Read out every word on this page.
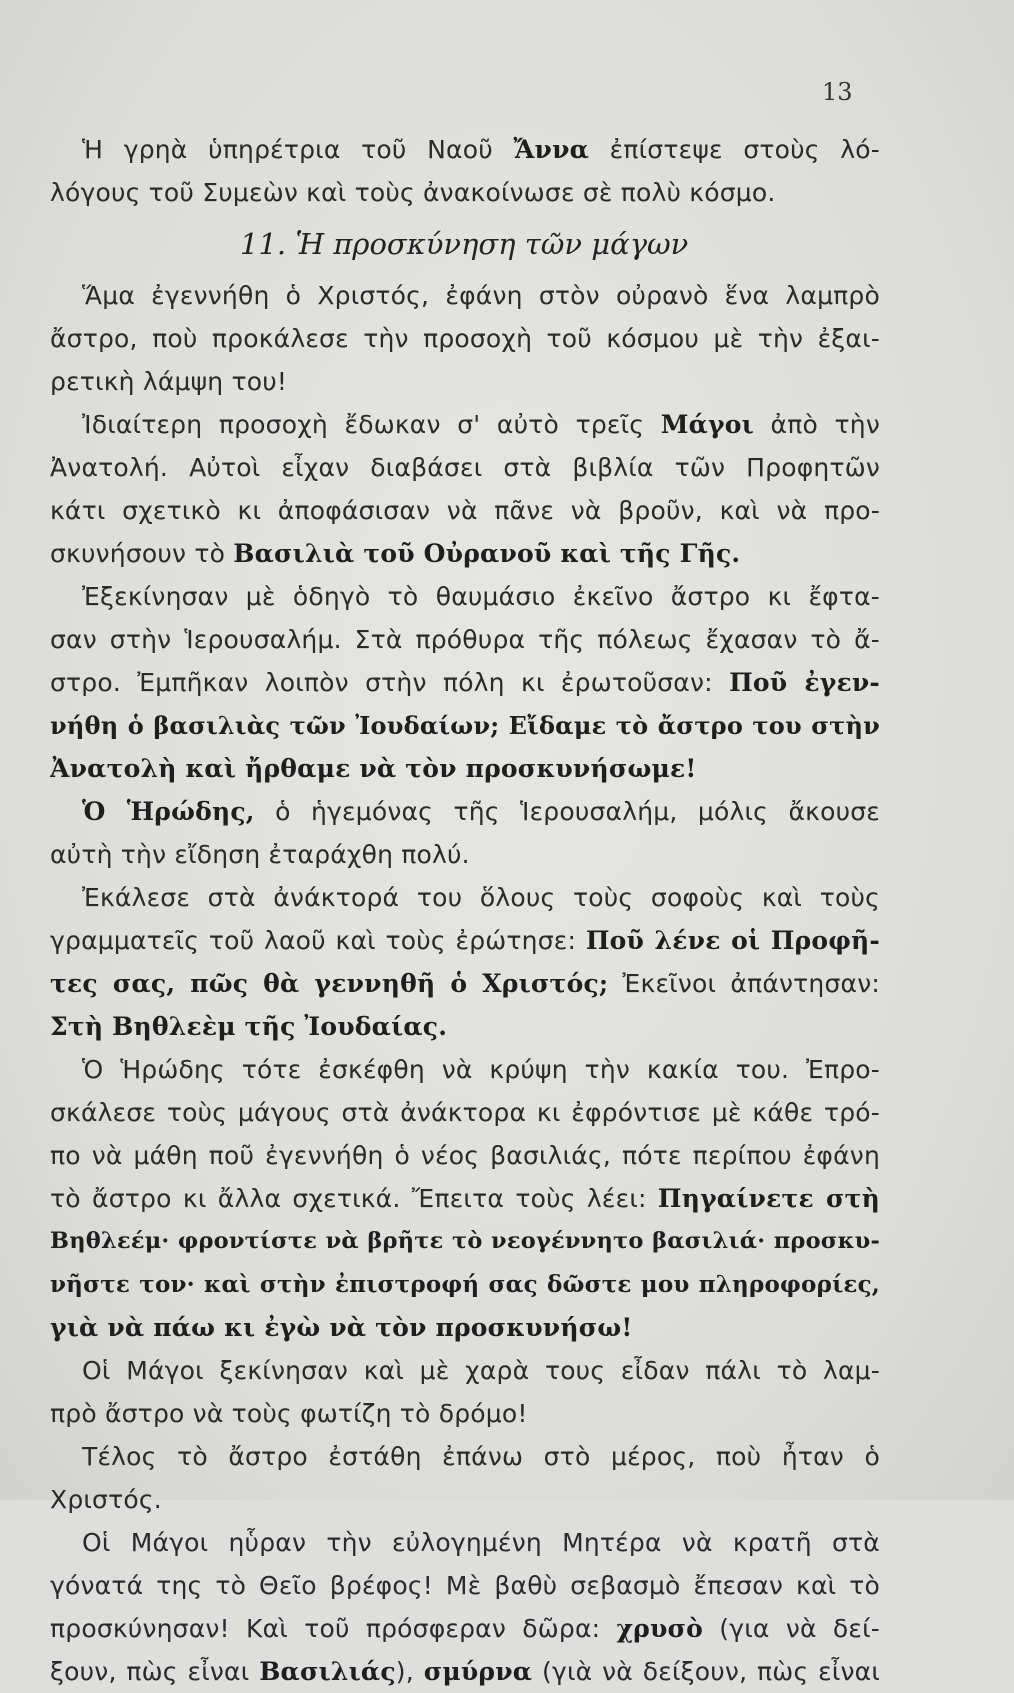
13
Ἡ γρηὰ ὑπηρέτρια τοῦ Ναοῦ Ἄννα ἐπίστεψε στοὺς λό-
λόγους τοῦ Συμεὼν καὶ τοὺς ἀνακοίνωσε σὲ πολὺ κόσμο.
11. Ἡ προσκύνηση τῶν μάγων
Ἅμα ἐγεννήθη ὁ Χριστός, ἐφάνη στὸν οὐρανὸ ἕνα λαμπρὸ
ἄστρο, ποὺ προκάλεσε τὴν προσοχὴ τοῦ κόσμου μὲ τὴν ἐξαι-
ρετικὴ λάμψη του!
Ἰδιαίτερη προσοχὴ ἔδωκαν σ' αὐτὸ τρεῖς Μάγοι ἀπὸ τὴν
Ἀνατολή. Αὐτοὶ εἶχαν διαβάσει στὰ βιβλία τῶν Προφητῶν
κάτι σχετικὸ κι ἀποφάσισαν νὰ πᾶνε νὰ βροῦν, καὶ νὰ προ-
σκυνήσουν τὸ Βασιλιὰ τοῦ Οὐρανοῦ καὶ τῆς Γῆς.
Ἐξεκίνησαν μὲ ὁδηγὸ τὸ θαυμάσιο ἐκεῖνο ἄστρο κι ἔφτα-
σαν στὴν Ἱερουσαλήμ. Στὰ πρόθυρα τῆς πόλεως ἔχασαν τὸ ἄ-
στρο. Ἐμπῆκαν λοιπὸν στὴν πόλη κι ἐρωτοῦσαν: Ποῦ ἐγεν-
νήθη ὁ βασιλιὰς τῶν Ἰουδαίων; Εἴδαμε τὸ ἄστρο του στὴν
Ἀνατολὴ καὶ ἤρθαμε νὰ τὸν προσκυνήσωμε!
Ὁ Ἡρώδης, ὁ ἡγεμόνας τῆς Ἱερουσαλήμ, μόλις ἄκουσε
αὐτὴ τὴν εἴδηση ἐταράχθη πολύ.
Ἐκάλεσε στὰ ἀνάκτορά του ὅλους τοὺς σοφοὺς καὶ τοὺς
γραμματεῖς τοῦ λαοῦ καὶ τοὺς ἐρώτησε: Ποῦ λένε οἱ Προφῆ-
τες σας, πῶς θὰ γεννηθῆ ὁ Χριστός; Ἐκεῖνοι ἀπάντησαν:
Στὴ Βηθλεὲμ τῆς Ἰουδαίας.
Ὁ Ἡρώδης τότε ἐσκέφθη νὰ κρύψη τὴν κακία του. Ἐπρο-
σκάλεσε τοὺς μάγους στὰ ἀνάκτορα κι ἐφρόντισε μὲ κάθε τρό-
πο νὰ μάθη ποῦ ἐγεννήθη ὁ νέος βασιλιάς, πότε περίπου ἐφάνη
τὸ ἄστρο κι ἄλλα σχετικά. Ἔπειτα τοὺς λέει: Πηγαίνετε στὴ
Βηθλεέμ· φροντίστε νὰ βρῆτε τὸ νεογέννητο βασιλιά· προσκυ-
νῆστε τον· καὶ στὴν ἐπιστροφή σας δῶστε μου πληροφορίες,
γιὰ νὰ πάω κι ἐγὼ νὰ τὸν προσκυνήσω!
Οἱ Μάγοι ξεκίνησαν καὶ μὲ χαρὰ τους εἶδαν πάλι τὸ λαμ-
πρὸ ἄστρο νὰ τοὺς φωτίζη τὸ δρόμο!
Τέλος τὸ ἄστρο ἐστάθη ἐπάνω στὸ μέρος, ποὺ ἦταν ὁ
Χριστός.
Οἱ Μάγοι ηὗραν τὴν εὐλογημένη Μητέρα νὰ κρατῆ στὰ
γόνατά της τὸ Θεῖο βρέφος! Μὲ βαθὺ σεβασμὸ ἔπεσαν καὶ τὸ
προσκύνησαν! Καὶ τοῦ πρόσφεραν δῶρα: χρυσὸ (για νὰ δεί-
ξουν, πὼς εἶναι Βασιλιάς), σμύρνα (γιὰ νὰ δείξουν, πὼς εἶναι
